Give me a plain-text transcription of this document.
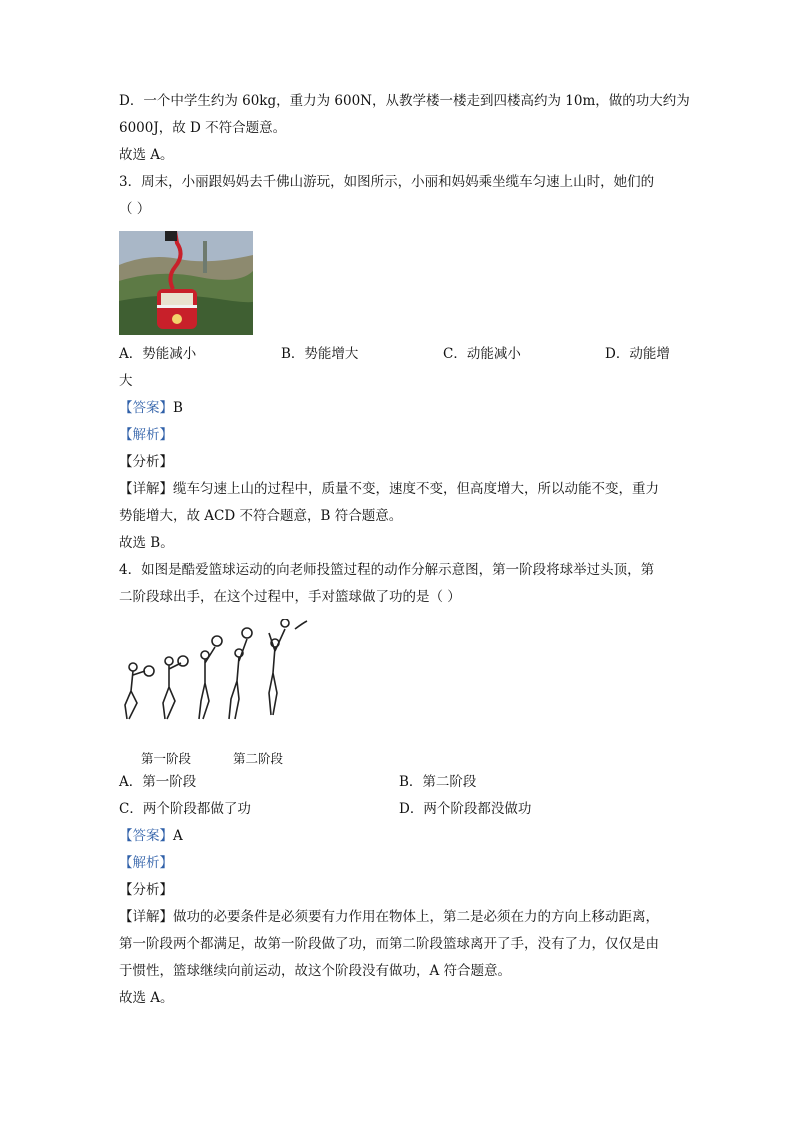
D．一个中学生约为 60kg，重力为 600N，从教学楼一楼走到四楼高约为 10m，做的功大约为
6000J，故 D 不符合题意。
故选 A。
3．周末，小丽跟妈妈去千佛山游玩，如图所示，小丽和妈妈乘坐缆车匀速上山时，她们的
（ ）
A．势能减小	B．势能增大	C．动能减小	D．动能增
大
【答案】B
【解析】
【分析】
【详解】缆车匀速上山的过程中，质量不变，速度不变，但高度增大，所以动能不变，重力
势能增大，故 ACD 不符合题意，B 符合题意。
故选 B。
4．如图是酷爱篮球运动的向老师投篮过程的动作分解示意图，第一阶段将球举过头顶，第
二阶段球出手，在这个过程中，手对篮球做了功的是（ ）
第一阶段	第二阶段
A．第一阶段	B．第二阶段
C．两个阶段都做了功	D．两个阶段都没做功
【答案】A
【解析】
【分析】
【详解】做功的必要条件是必须要有力作用在物体上，第二是必须在力的方向上移动距离，
第一阶段两个都满足，故第一阶段做了功，而第二阶段篮球离开了手，没有了力，仅仅是由
于惯性，篮球继续向前运动，故这个阶段没有做功，A 符合题意。
故选 A。
